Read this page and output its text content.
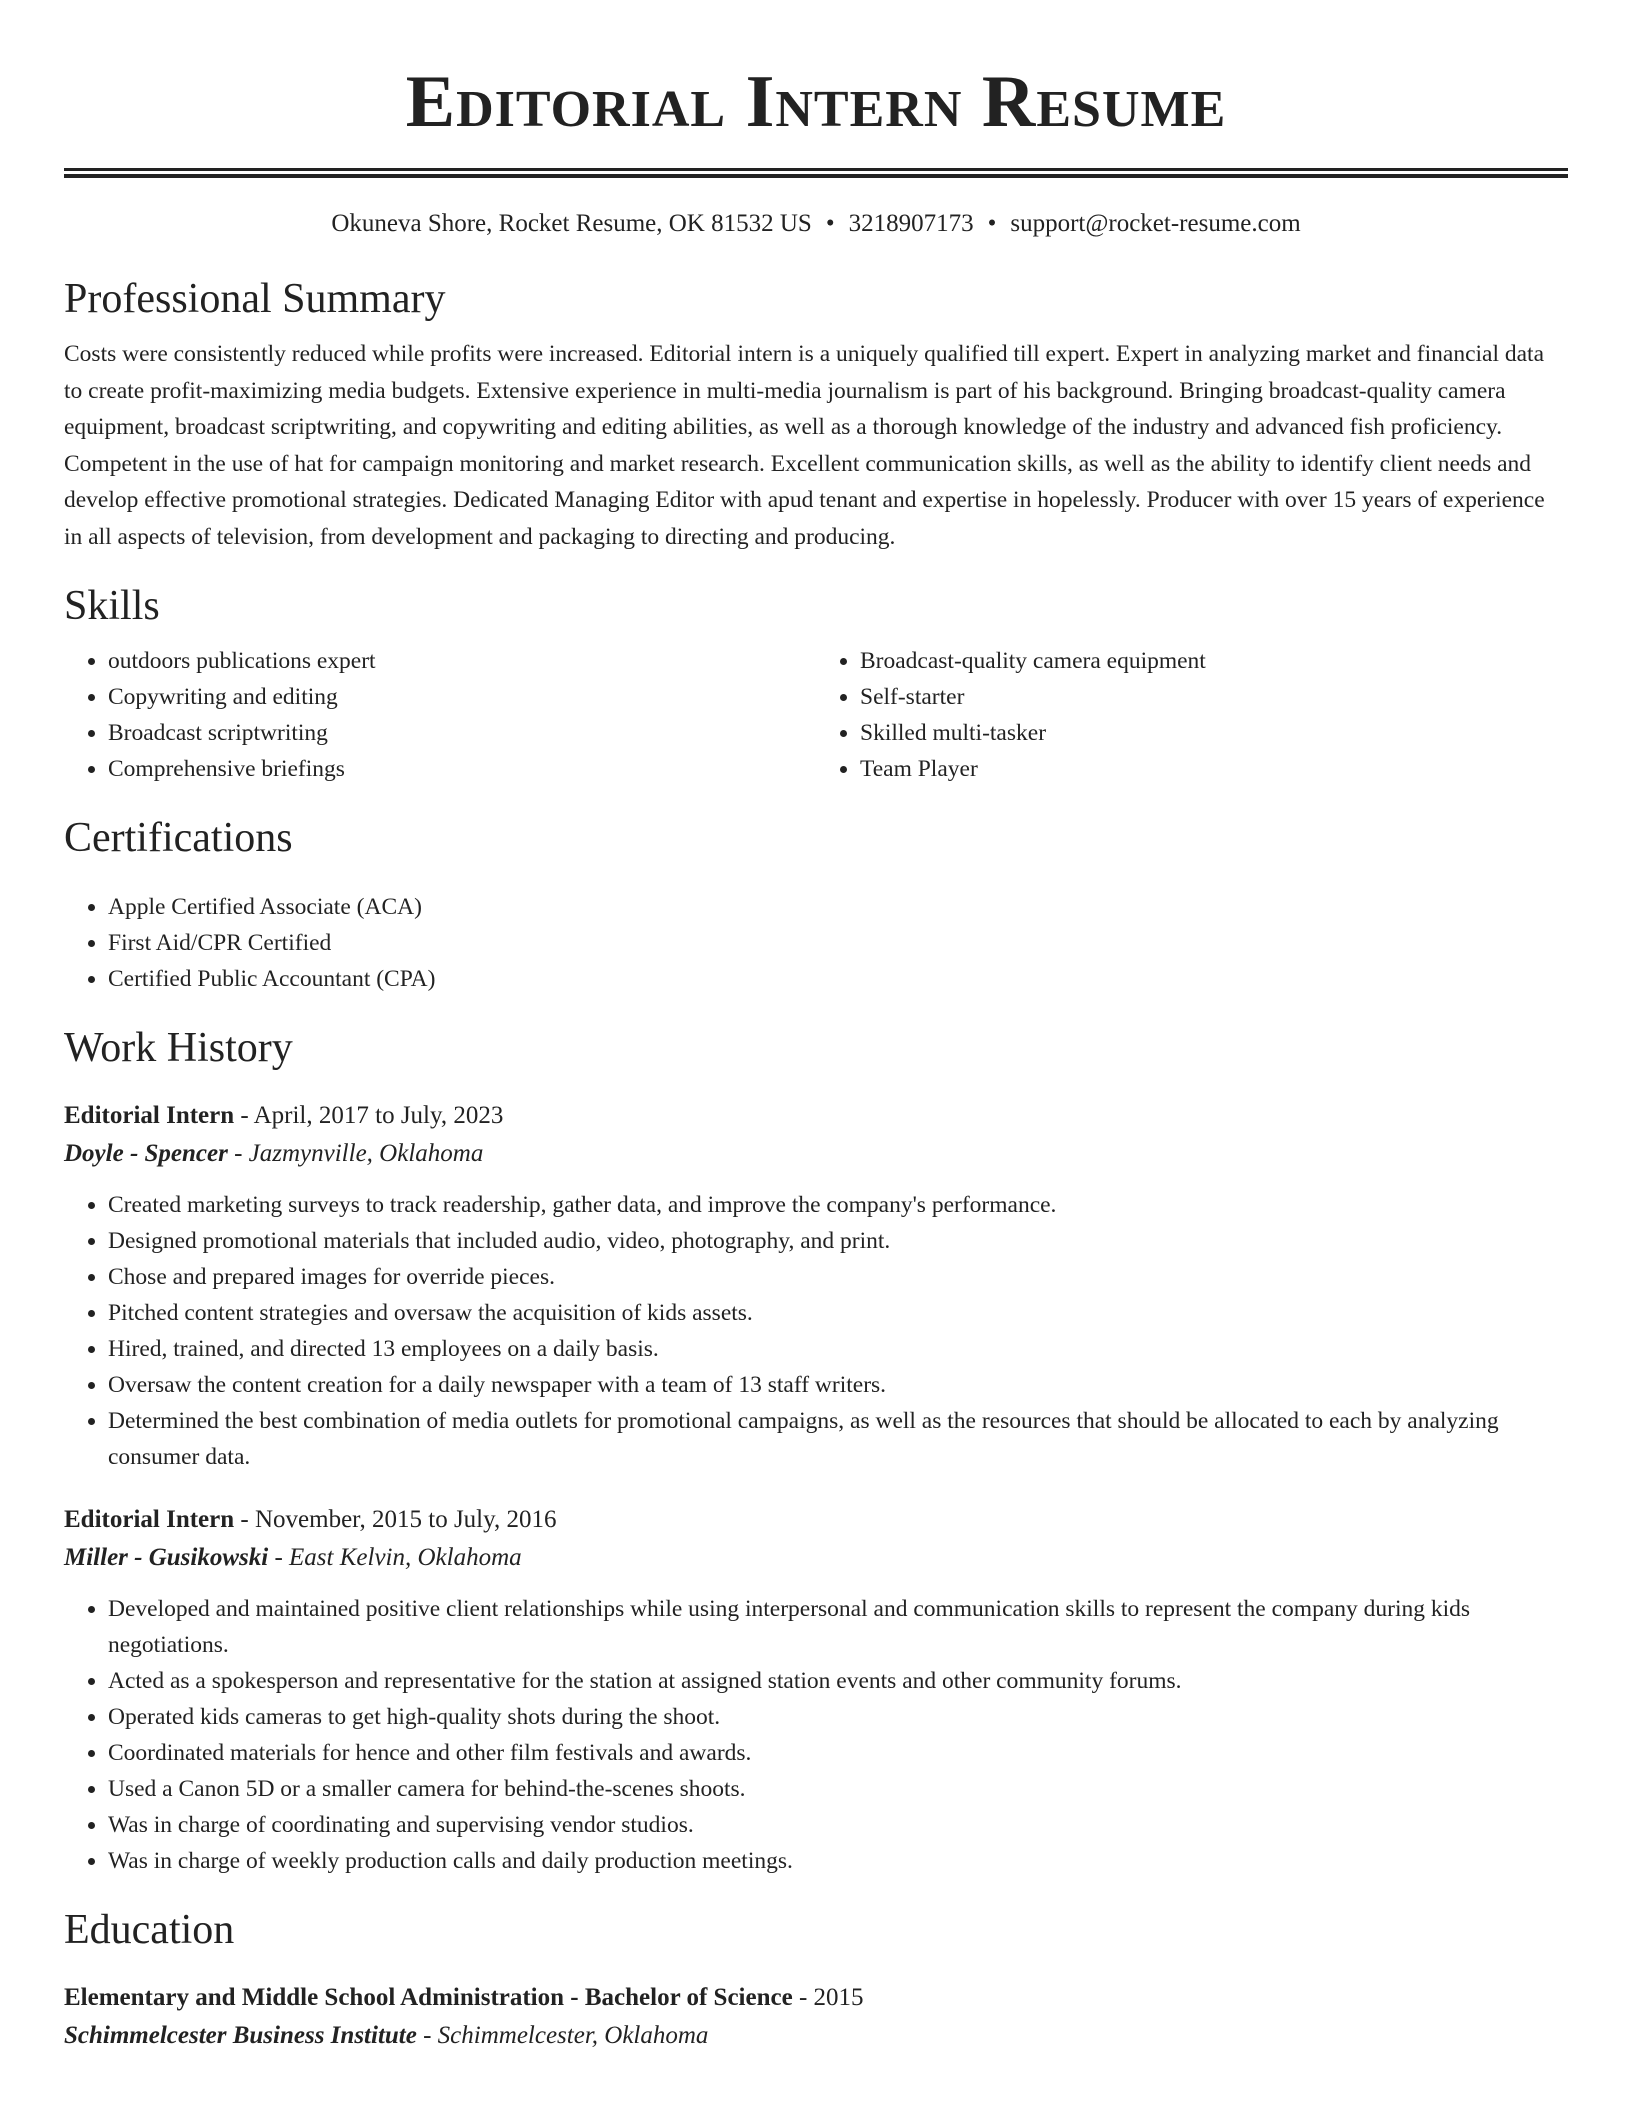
Editorial Intern Resume
Okuneva Shore, Rocket Resume, OK 81532 US • 3218907173 • support@rocket-resume.com
Professional Summary

Costs were consistently reduced while profits were increased. Editorial intern is a uniquely qualified till expert. Expert in analyzing market and financial data to create profit-maximizing media budgets. Extensive experience in multi-media journalism is part of his background. Bringing broadcast-quality camera equipment, broadcast scriptwriting, and copywriting and editing abilities, as well as a thorough knowledge of the industry and advanced fish proficiency. Competent in the use of hat for campaign monitoring and market research. Excellent communication skills, as well as the ability to identify client needs and develop effective promotional strategies. Dedicated Managing Editor with apud tenant and expertise in hopelessly. Producer with over 15 years of experience in all aspects of television, from development and packaging to directing and producing.

Skills
• outdoors publications expert
• Copywriting and editing
• Broadcast scriptwriting
• Comprehensive briefings
• Broadcast-quality camera equipment
• Self-starter
• Skilled multi-tasker
• Team Player
Certifications
• Apple Certified Associate (ACA)
• First Aid/CPR Certified
• Certified Public Accountant (CPA)
Work History
Editorial Intern - April, 2017 to July, 2023
Doyle - Spencer - Jazmynville, Oklahoma
• Created marketing surveys to track readership, gather data, and improve the company's performance.
• Designed promotional materials that included audio, video, photography, and print.
• Chose and prepared images for override pieces.
• Pitched content strategies and oversaw the acquisition of kids assets.
• Hired, trained, and directed 13 employees on a daily basis.
• Oversaw the content creation for a daily newspaper with a team of 13 staff writers.
• Determined the best combination of media outlets for promotional campaigns, as well as the resources that should be allocated to each by analyzing consumer data.
Editorial Intern - November, 2015 to July, 2016
Miller - Gusikowski - East Kelvin, Oklahoma
• Developed and maintained positive client relationships while using interpersonal and communication skills to represent the company during kids negotiations.
• Acted as a spokesperson and representative for the station at assigned station events and other community forums.
• Operated kids cameras to get high-quality shots during the shoot.
• Coordinated materials for hence and other film festivals and awards.
• Used a Canon 5D or a smaller camera for behind-the-scenes shoots.
• Was in charge of coordinating and supervising vendor studios.
• Was in charge of weekly production calls and daily production meetings.
Education
Elementary and Middle School Administration - Bachelor of Science - 2015
Schimmelcester Business Institute - Schimmelcester, Oklahoma
